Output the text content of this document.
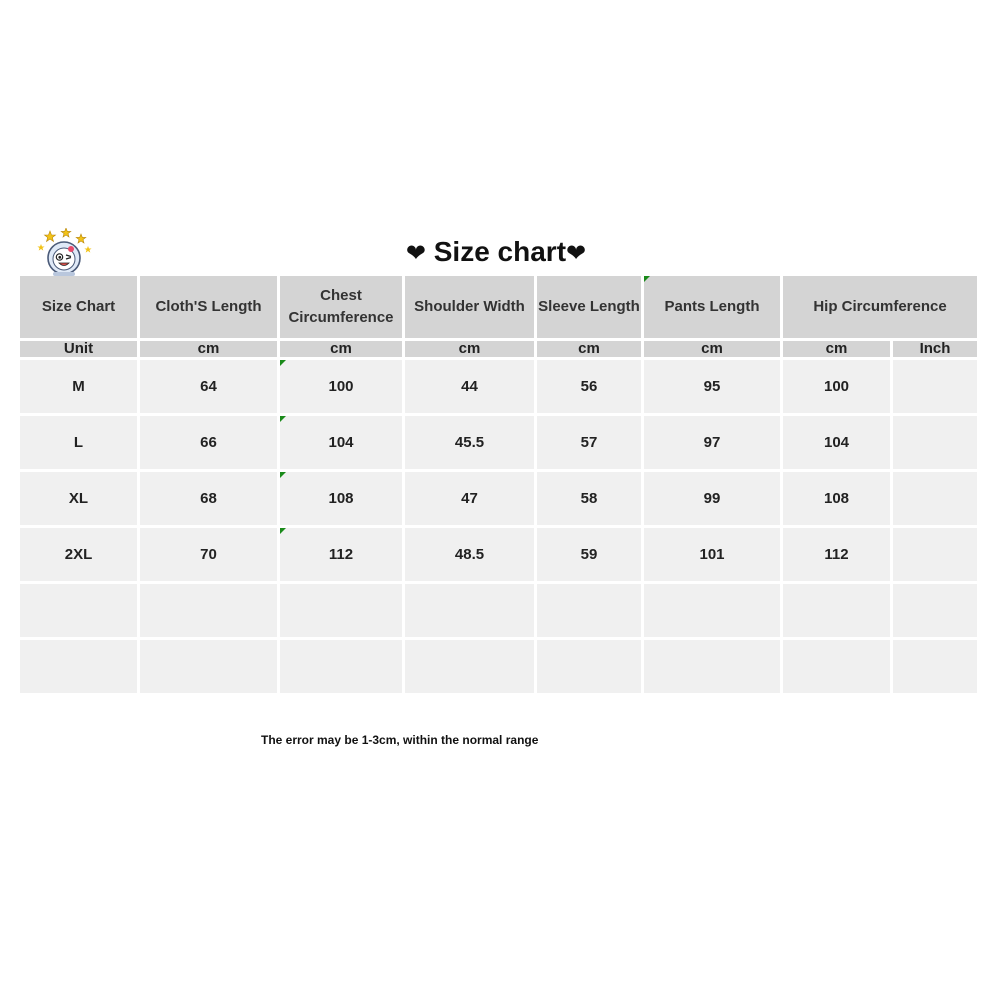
❤ Size chart❤
Size Chart	Cloth'S Length	Chest Circumference	Shoulder Width	Sleeve Length	Pants Length	Hip Circumference	
Unit	cm	cm	cm	cm	cm	cm	Inch
M	64	100	44	56	95	100	
L	66	104	45.5	57	97	104	
XL	68	108	47	58	99	108	
2XL	70	112	48.5	59	101	112	

The error may be 1-3cm, within the normal range
